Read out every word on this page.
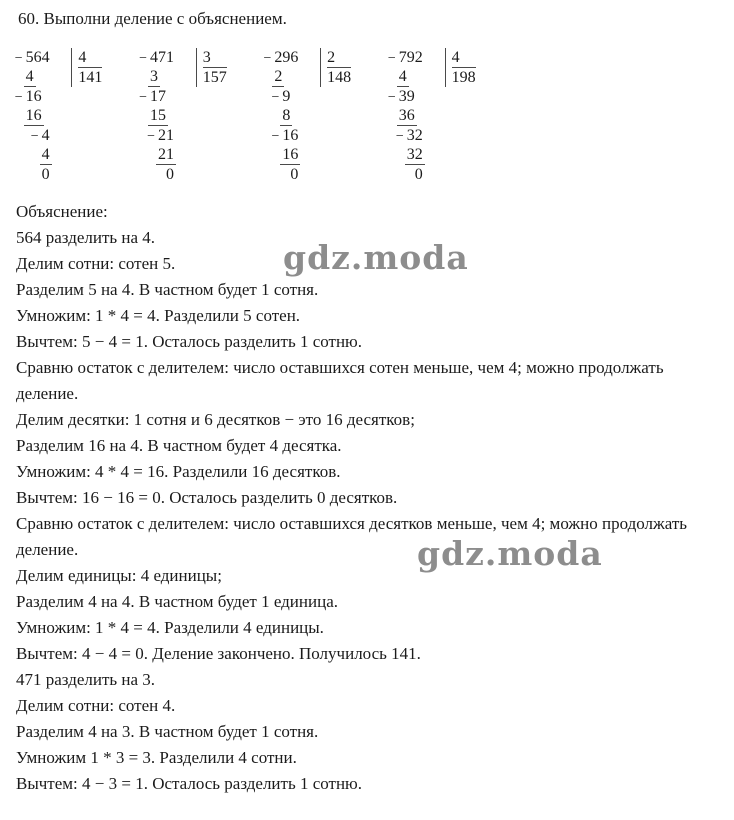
gdz.moda
gdz.moda
60. Выполни деление с объяснением.
− 564
4
4
141
− 16
16
− 4
4
0
− 471
3
3
157
− 17
15
− 21
21
0
− 296
2
2
148
− 9
8
− 16
16
0
− 792
4
4
198
− 39
36
− 32
32
0
Объяснение:
564 разделить на 4.
Делим сотни: сотен 5.
Разделим 5 на 4. В частном будет 1 сотня.
Умножим: 1 * 4 = 4. Разделили 5 сотен.
Вычтем: 5 − 4 = 1. Осталось разделить 1 сотню.
Сравню остаток с делителем: число оставшихся сотен меньше, чем 4; можно продолжать деление.
Делим десятки: 1 сотня и 6 десятков − это 16 десятков;
Разделим 16 на 4. В частном будет 4 десятка.
Умножим: 4 * 4 = 16. Разделили 16 десятков.
Вычтем: 16 − 16 = 0. Осталось разделить 0 десятков.
Сравню остаток с делителем: число оставшихся десятков меньше, чем 4; можно продолжать деление.
Делим единицы: 4 единицы;
Разделим 4 на 4. В частном будет 1 единица.
Умножим: 1 * 4 = 4. Разделили 4 единицы.
Вычтем: 4 − 4 = 0. Деление закончено. Получилось 141.
471 разделить на 3.
Делим сотни: сотен 4.
Разделим 4 на 3. В частном будет 1 сотня.
Умножим 1 * 3 = 3. Разделили 4 сотни.
Вычтем: 4 − 3 = 1. Осталось разделить 1 сотню.
